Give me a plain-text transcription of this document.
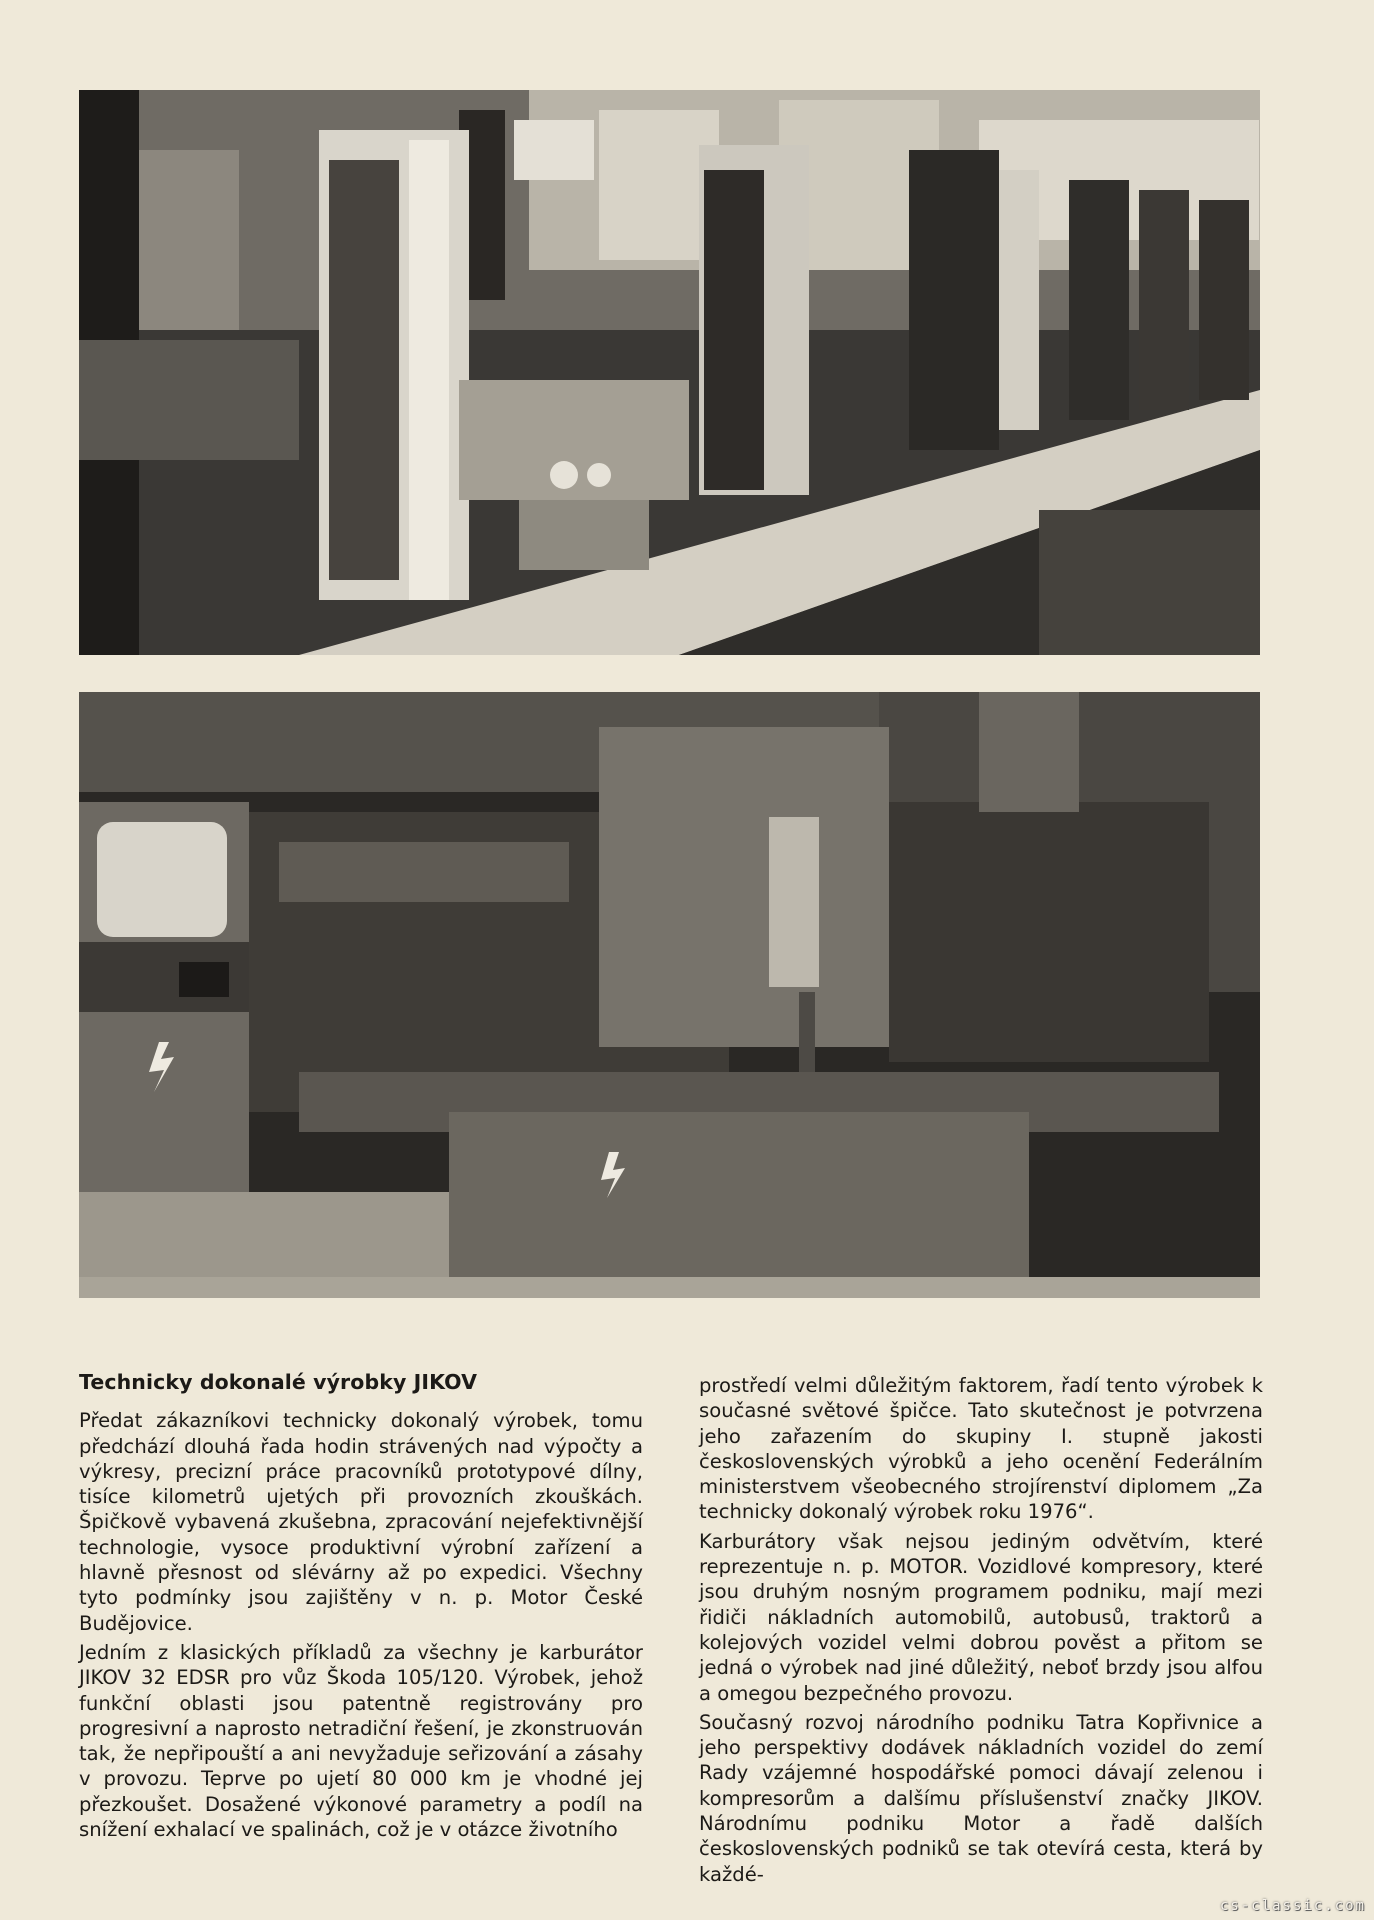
Technicky dokonalé výrobky JIKOV

Předat zákazníkovi technicky dokonalý výrobek, tomu předchází dlouhá řada hodin strávených nad výpočty a výkresy, precizní práce pracovníků prototypové dílny, tisíce kilometrů ujetých při provozních zkouškách. Špičkově vybavená zkušebna, zpracování nejefektivnější technologie, vysoce produktivní výrobní zařízení a hlavně přesnost od slévárny až po expedici. Všechny tyto podmínky jsou zajištěny v n. p. Motor České Budějovice.

Jedním z klasických příkladů za všechny je karburátor JIKOV 32 EDSR pro vůz Škoda 105/120. Výrobek, jehož funkční oblasti jsou patentně registrovány pro progresivní a naprosto netradiční řešení, je zkonstruován tak, že nepřipouští a ani nevyžaduje seřizování a zásahy v provozu. Teprve po ujetí 80 000 km je vhodné jej přezkoušet. Dosažené výkonové parametry a podíl na snížení exhalací ve spalinách, což je v otázce životního

prostředí velmi důležitým faktorem, řadí tento výrobek k současné světové špičce. Tato skutečnost je potvrzena jeho zařazením do skupiny I. stupně jakosti československých výrobků a jeho ocenění Federálním ministerstvem všeobecného strojírenství diplomem „Za technicky dokonalý výrobek roku 1976“.

Karburátory však nejsou jediným odvětvím, které reprezentuje n. p. MOTOR. Vozidlové kompresory, které jsou druhým nosným programem podniku, mají mezi řidiči nákladních automobilů, autobusů, traktorů a kolejových vozidel velmi dobrou pověst a přitom se jedná o výrobek nad jiné důležitý, neboť brzdy jsou alfou a omegou bezpečného provozu.

Současný rozvoj národního podniku Tatra Kopřivnice a jeho perspektivy dodávek nákladních vozidel do zemí Rady vzájemné hospodářské pomoci dávají zelenou i kompresorům a dalšímu příslušenství značky JIKOV. Národnímu podniku Motor a řadě dalších československých podniků se tak otevírá cesta, která by každé-

cs-classic.com
